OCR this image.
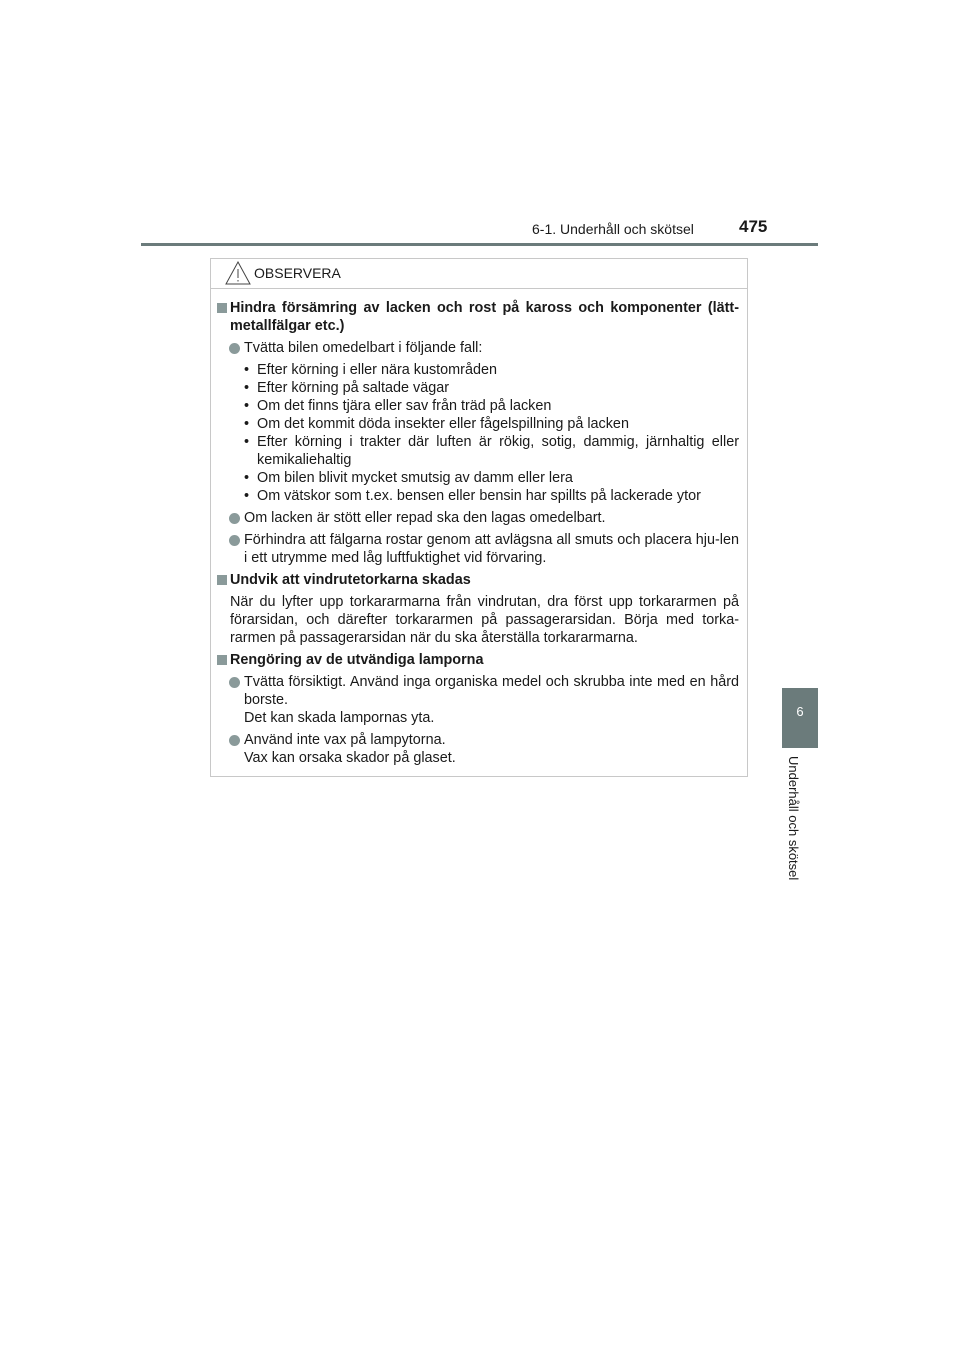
6-1. Underhåll och skötsel	475
6
Underhåll och skötsel
OBSERVERA
Hindra försämring av lacken och rost på kaross och komponenter (lätt-metallfälgar etc.)
Tvätta bilen omedelbart i följande fall:
• Efter körning i eller nära kustområden
• Efter körning på saltade vägar
• Om det finns tjära eller sav från träd på lacken
• Om det kommit döda insekter eller fågelspillning på lacken
• Efter körning i trakter där luften är rökig, sotig, dammig, järnhaltig eller kemikaliehaltig
• Om bilen blivit mycket smutsig av damm eller lera
• Om vätskor som t.ex. bensen eller bensin har spillts på lackerade ytor
Om lacken är stött eller repad ska den lagas omedelbart.
Förhindra att fälgarna rostar genom att avlägsna all smuts och placera hju-len i ett utrymme med låg luftfuktighet vid förvaring.
Undvik att vindrutetorkarna skadas
När du lyfter upp torkararmarna från vindrutan, dra först upp torkararmen på förarsidan, och därefter torkararmen på passagerarsidan. Börja med torka-rarmen på passagerarsidan när du ska återställa torkararmarna.
Rengöring av de utvändiga lamporna
Tvätta försiktigt. Använd inga organiska medel och skrubba inte med en hård borste.
Det kan skada lampornas yta.
Använd inte vax på lampytorna.
Vax kan orsaka skador på glaset.
